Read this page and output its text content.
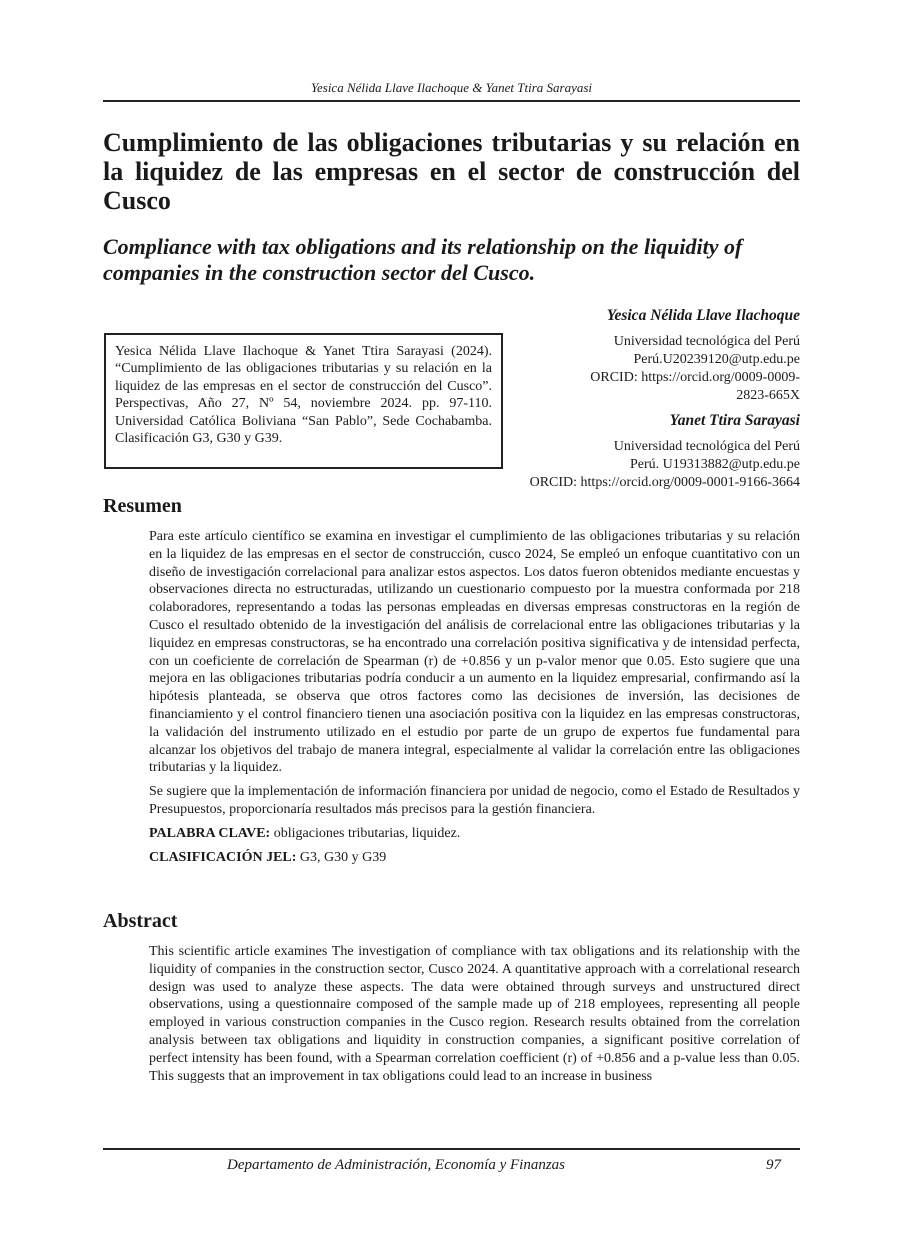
Yesica Nélida Llave Ilachoque & Yanet Ttira Sarayasi
Cumplimiento de las obligaciones tributarias y su relación en la liquidez de las empresas en el sector de construcción del Cusco
Compliance with tax obligations and its relationship on the liquidity of companies in the construction sector del Cusco.
Yesica Nélida Llave Ilachoque & Yanet Ttira Sarayasi (2024). “Cumplimiento de las obligaciones tributarias y su relación en la liquidez de las empresas en el sector de construcción del Cusco”. Perspectivas, Año 27, Nº 54, noviembre 2024. pp. 97-110. Universidad Católica Boliviana “San Pablo”, Sede Cochabamba. Clasificación G3, G30 y G39.

Yesica Nélida Llave Ilachoque

Universidad tecnológica del Perú

Perú.U20239120@utp.edu.pe

ORCID: https://orcid.org/0009-0009-

2823-665X

Yanet Ttira Sarayasi

Universidad tecnológica del Perú

Perú. U19313882@utp.edu.pe

ORCID: https://orcid.org/0009-0001-9166-3664

Resumen

Para este artículo científico se examina en investigar el cumplimiento de las obligaciones tributarias y su relación en la liquidez de las empresas en el sector de construcción, cusco 2024, Se empleó un enfoque cuantitativo con un diseño de investigación correlacional para analizar estos aspectos. Los datos fueron obtenidos mediante encuestas y observaciones directa no estructuradas, utilizando un cuestionario compuesto por la muestra conformada por 218 colaboradores, representando a todas las personas empleadas en diversas empresas constructoras en la región de Cusco el resultado obtenido de la investigación del análisis de correlacional entre las obligaciones tributarias y la liquidez en empresas constructoras, se ha encontrado una correlación positiva significativa y de intensidad perfecta, con un coeficiente de correlación de Spearman (r) de +0.856 y un p-valor menor que 0.05. Esto sugiere que una mejora en las obligaciones tributarias podría conducir a un aumento en la liquidez empresarial, confirmando así la hipótesis planteada, se observa que otros factores como las decisiones de inversión, las decisiones de financiamiento y el control financiero tienen una asociación positiva con la liquidez en las empresas constructoras, la validación del instrumento utilizado en el estudio por parte de un grupo de expertos fue fundamental para alcanzar los objetivos del trabajo de manera integral, especialmente al validar la correlación entre las obligaciones tributarias y la liquidez.

Se sugiere que la implementación de información financiera por unidad de negocio, como el Estado de Resultados y Presupuestos, proporcionaría resultados más precisos para la gestión financiera.

PALABRA CLAVE: obligaciones tributarias, liquidez.

CLASIFICACIÓN JEL: G3, G30 y G39

Abstract

This scientific article examines The investigation of compliance with tax obligations and its relationship with the liquidity of companies in the construction sector, Cusco 2024. A quantitative approach with a correlational research design was used to analyze these aspects. The data were obtained through surveys and unstructured direct observations, using a questionnaire composed of the sample made up of 218 employees, representing all people employed in various construction companies in the Cusco region. Research results obtained from the correlation analysis between tax obligations and liquidity in construction companies, a significant positive correlation of perfect intensity has been found, with a Spearman correlation coefficient (r) of +0.856 and a p-value less than 0.05. This suggests that an improvement in tax obligations could lead to an increase in business

Departamento de Administración, Economía y Finanzas	97
